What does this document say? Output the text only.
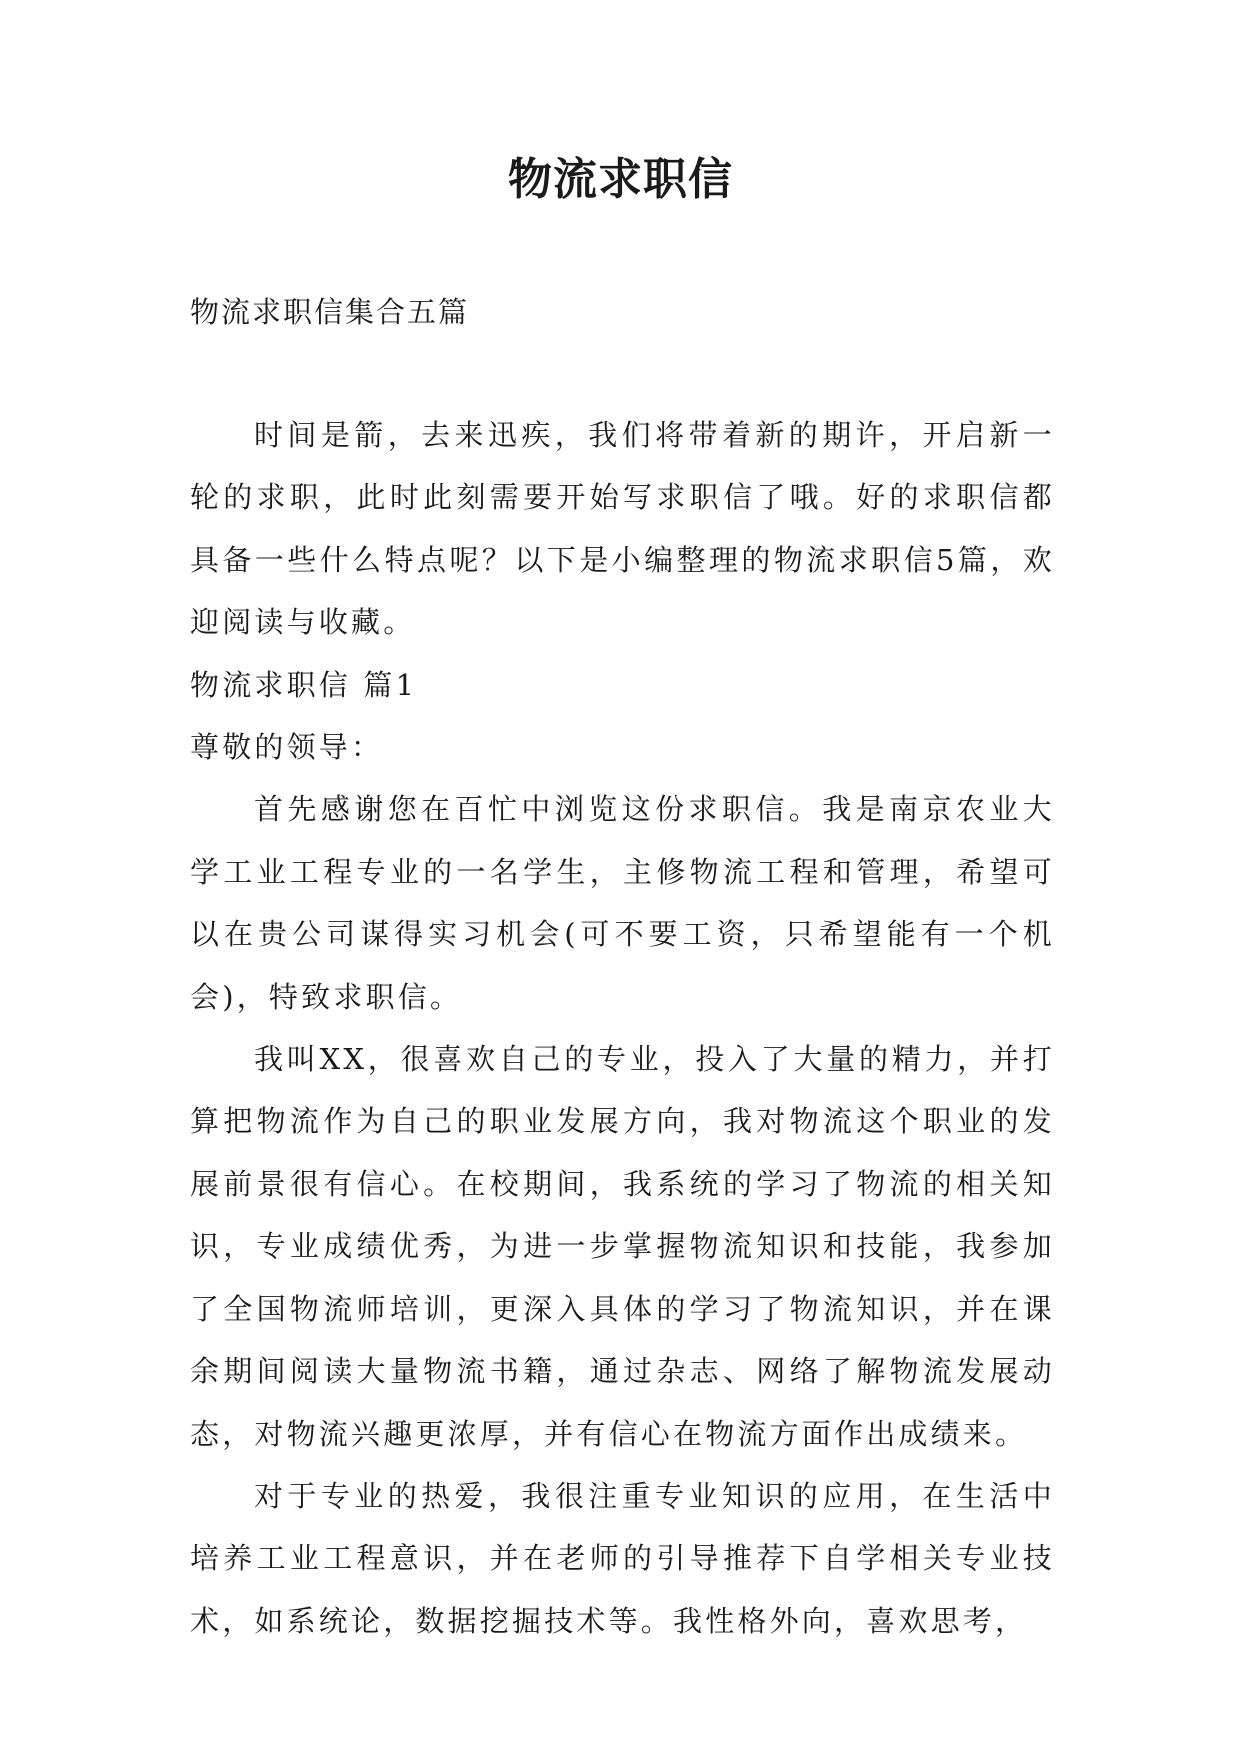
物流求职信
物流求职信集合五篇

时间是箭，去来迅疾，我们将带着新的期许，开启新一轮的求职，此时此刻需要开始写求职信了哦。好的求职信都具备一些什么特点呢？以下是小编整理的物流求职信5篇，欢迎阅读与收藏。

物流求职信 篇1

尊敬的领导：

首先感谢您在百忙中浏览这份求职信。我是南京农业大学工业工程专业的一名学生，主修物流工程和管理，希望可以在贵公司谋得实习机会(可不要工资，只希望能有一个机会)，特致求职信。

我叫XX，很喜欢自己的专业，投入了大量的精力，并打算把物流作为自己的职业发展方向，我对物流这个职业的发展前景很有信心。在校期间，我系统的学习了物流的相关知识，专业成绩优秀，为进一步掌握物流知识和技能，我参加了全国物流师培训，更深入具体的学习了物流知识，并在课余期间阅读大量物流书籍，通过杂志、网络了解物流发展动态，对物流兴趣更浓厚，并有信心在物流方面作出成绩来。

对于专业的热爱，我很注重专业知识的应用，在生活中培养工业工程意识，并在老师的引导推荐下自学相关专业技术，如系统论，数据挖掘技术等。我性格外向，喜欢思考，
